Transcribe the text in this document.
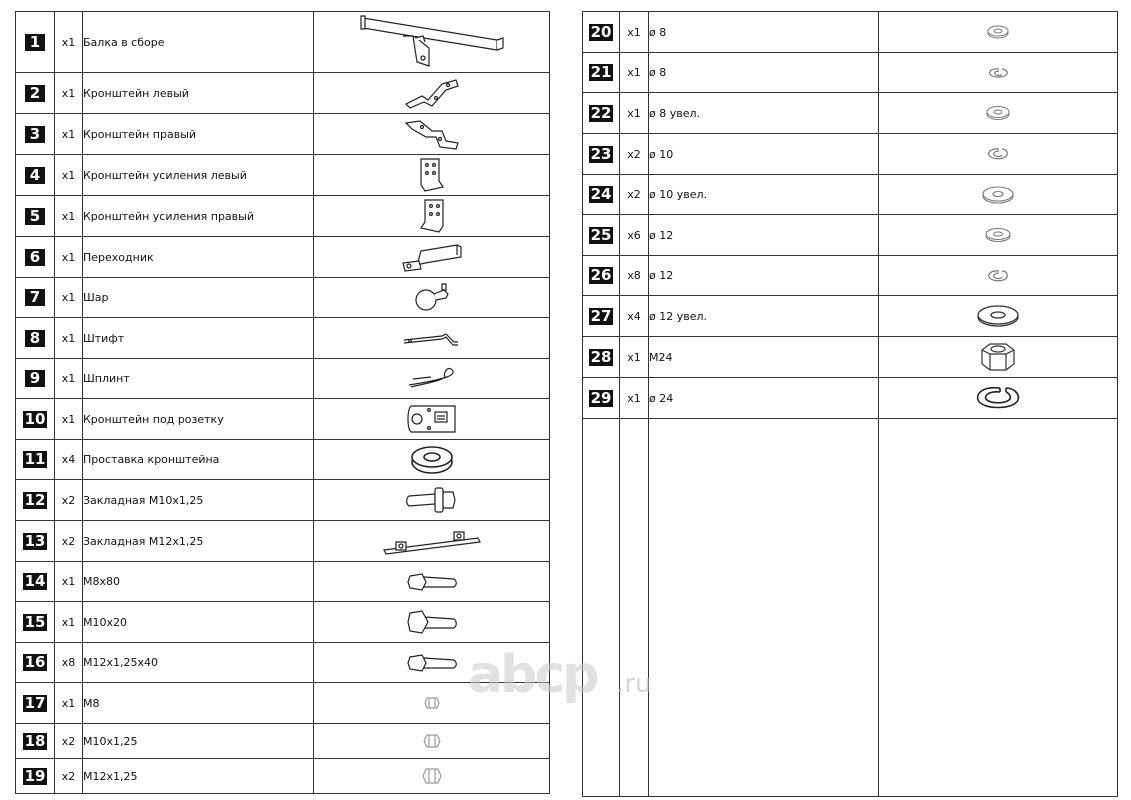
1	x1	Балка в сборе	

2	x1	Кронштейн левый	

3	x1	Кронштейн правый	

4	x1	Кронштейн усиления левый	

5	x1	Кронштейн усиления правый	

6	x1	Переходник	

7	x1	Шар	

8	x1	Штифт	

9	x1	Шплинт	

10	x1	Кронштейн под розетку	

11	x4	Проставка кронштейна	

12	x2	Закладная М10x1,25	

13	x2	Закладная М12x1,25	

14	x1	M8x80	

15	x1	M10x20	

16	x8	M12x1,25x40	

17	x1	M8	

18	x2	M10x1,25	

19	x2	M12x1,25	
20	x1	ø 8	

21	x1	ø 8	

22	x1	ø 8 увел.	

23	x2	ø 10	

24	x2	ø 10 увел.	

25	x6	ø 12	

26	x8	ø 12	

27	x4	ø 12 увел.	

28	x1	M24	

29	x1	ø 24	

abcp .ru
